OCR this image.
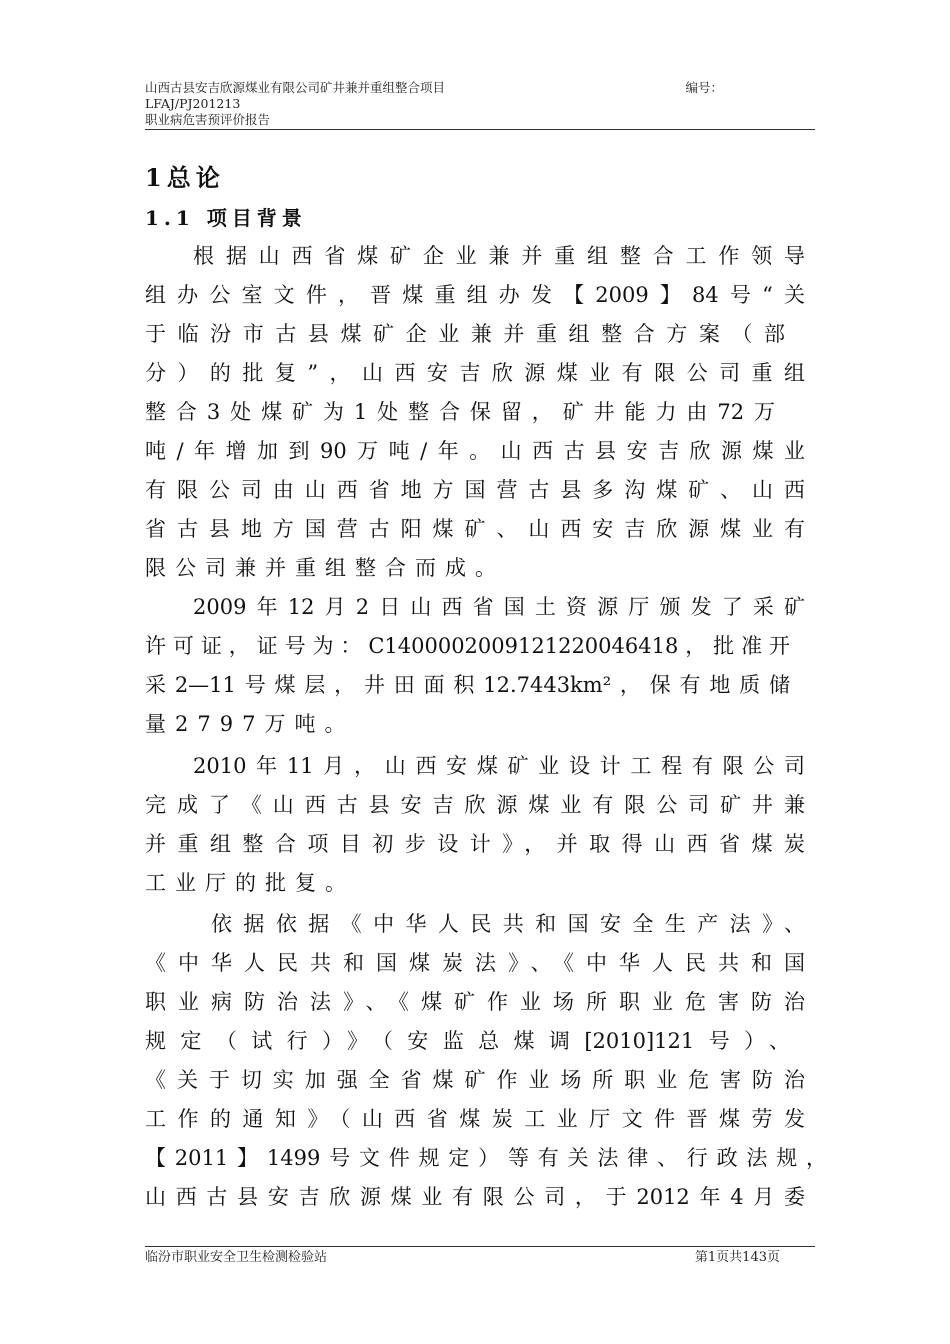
山西古县安吉欣源煤业有限公司矿井兼并重组整合项目	编号：
LFAJ/PJ201213
职业病危害预评价报告
1总论
1.1 项目背景
根据山西省煤矿企业兼并重组整合工作领导
组办公室文件，晋煤重组办发【2009】84号“关
于临汾市古县煤矿企业兼并重组整合方案（部
分）的批复”，山西安吉欣源煤业有限公司重组
整合3处煤矿为1处整合保留，矿井能力由72万
吨/年增加到90万吨/年。山西古县安吉欣源煤业
有限公司由山西省地方国营古县多沟煤矿、山西
省古县地方国营古阳煤矿、山西安吉欣源煤业有
限公司兼并重组整合而成。
2009年12月2日山西省国土资源厅颁发了采矿
许可证，证号为：C1400002009121220046418，批准开
采2—11号煤层，井田面积12.7443km²，保有地质储
量2797万吨。
2010年11月，山西安煤矿业设计工程有限公司
完成了《山西古县安吉欣源煤业有限公司矿井兼
并重组整合项目初步设计》，并取得山西省煤炭
工业厅的批复。
依据依据《中华人民共和国安全生产法》、
《中华人民共和国煤炭法》、《中华人民共和国
职业病防治法》、《煤矿作业场所职业危害防治
规定（试行）》（安监总煤调[2010]121号）、
《关于切实加强全省煤矿作业场所职业危害防治
工作的通知》（山西省煤炭工业厅文件晋煤劳发
【2011】1499号文件规定）等有关法律、行政法规，
山西古县安吉欣源煤业有限公司，于2012年4月委
临汾市职业安全卫生检测检验站	第1页共143页
